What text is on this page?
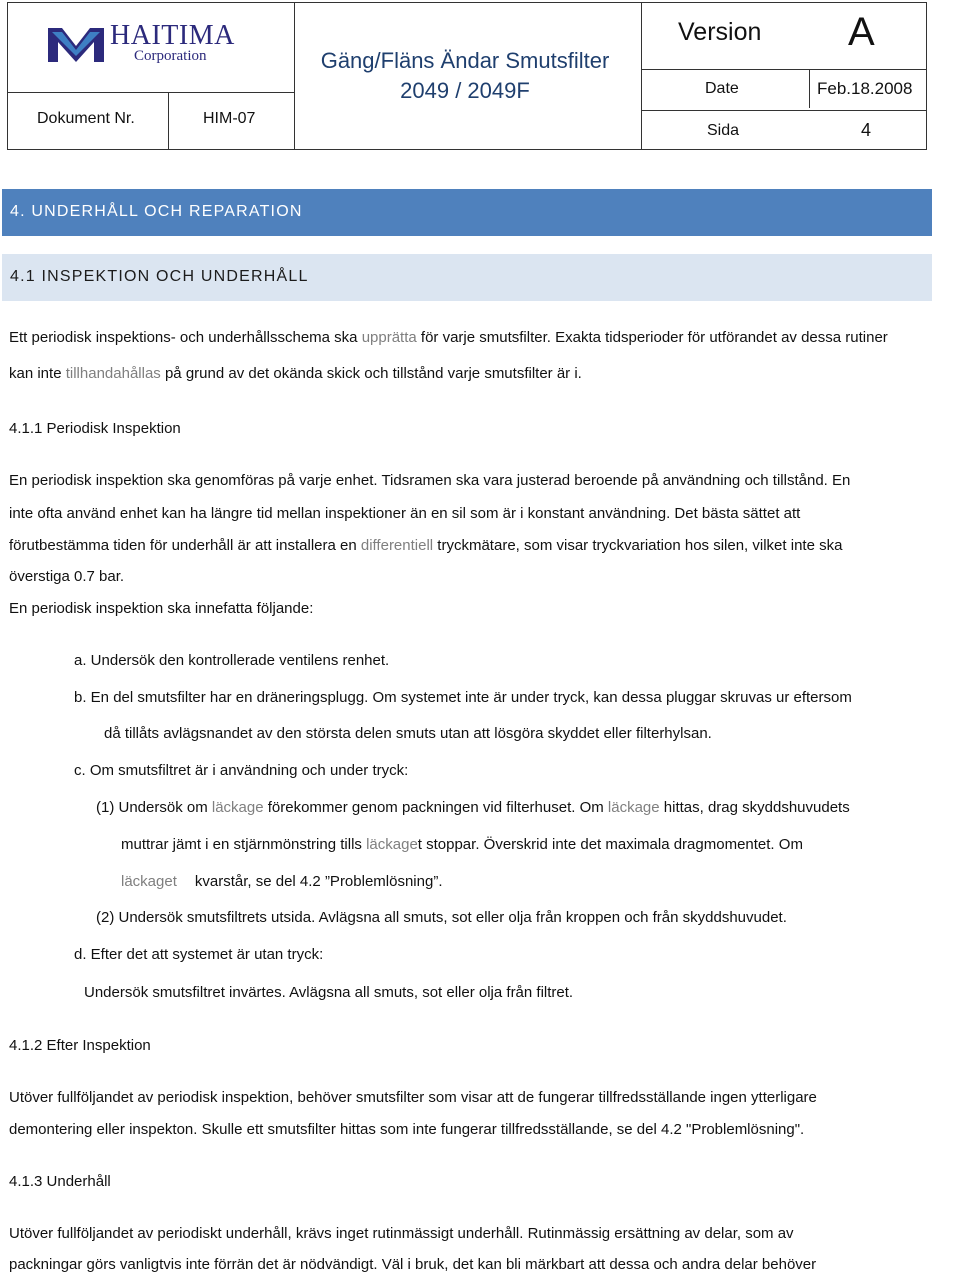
HAITIMA
Corporation
Dokument Nr.	HIM-07
Gäng/Fläns Ändar Smutsfilter
2049 / 2049F
Version A
Date	Feb.18.2008
Sida	4
4. UNDERHÅLL OCH REPARATION
4.1 INSPEKTION OCH UNDERHÅLL
Ett periodisk inspektions- och underhållsschema ska upprätta för varje smutsfilter. Exakta tidsperioder för utförandet av dessa rutiner
kan inte tillhandahållas på grund av det okända skick och tillstånd varje smutsfilter är i.
4.1.1 Periodisk Inspektion
En periodisk inspektion ska genomföras på varje enhet. Tidsramen ska vara justerad beroende på användning och tillstånd. En
inte ofta använd enhet kan ha längre tid mellan inspektioner än en sil som är i konstant användning. Det bästa sättet att
förutbestämma tiden för underhåll är att installera en differentiell tryckmätare, som visar tryckvariation hos silen, vilket inte ska
överstiga 0.7 bar.
En periodisk inspektion ska innefatta följande:
a. Undersök den kontrollerade ventilens renhet.
b. En del smutsfilter har en dräneringsplugg. Om systemet inte är under tryck, kan dessa pluggar skruvas ur eftersom
då tillåts avlägsnandet av den största delen smuts utan att lösgöra skyddet eller filterhylsan.
c. Om smutsfiltret är i användning och under tryck:
(1) Undersök om läckage förekommer genom packningen vid filterhuset. Om läckage hittas, drag skyddshuvudets
muttrar jämt i en stjärnmönstring tills läckaget stoppar. Överskrid inte det maximala dragmomentet. Om
läckaget kvarstår, se del 4.2 ”Problemlösning”.
(2) Undersök smutsfiltrets utsida. Avlägsna all smuts, sot eller olja från kroppen och från skyddshuvudet.
d. Efter det att systemet är utan tryck:
Undersök smutsfiltret invärtes. Avlägsna all smuts, sot eller olja från filtret.
4.1.2 Efter Inspektion
Utöver fullföljandet av periodisk inspektion, behöver smutsfilter som visar att de fungerar tillfredsställande ingen ytterligare
demontering eller inspekton. Skulle ett smutsfilter hittas som inte fungerar tillfredsställande, se del 4.2 "Problemlösning".
4.1.3 Underhåll
Utöver fullföljandet av periodiskt underhåll, krävs inget rutinmässigt underhåll. Rutinmässig ersättning av delar, som av
packningar görs vanligtvis inte förrän det är nödvändigt. Väl i bruk, det kan bli märkbart att dessa och andra delar behöver
